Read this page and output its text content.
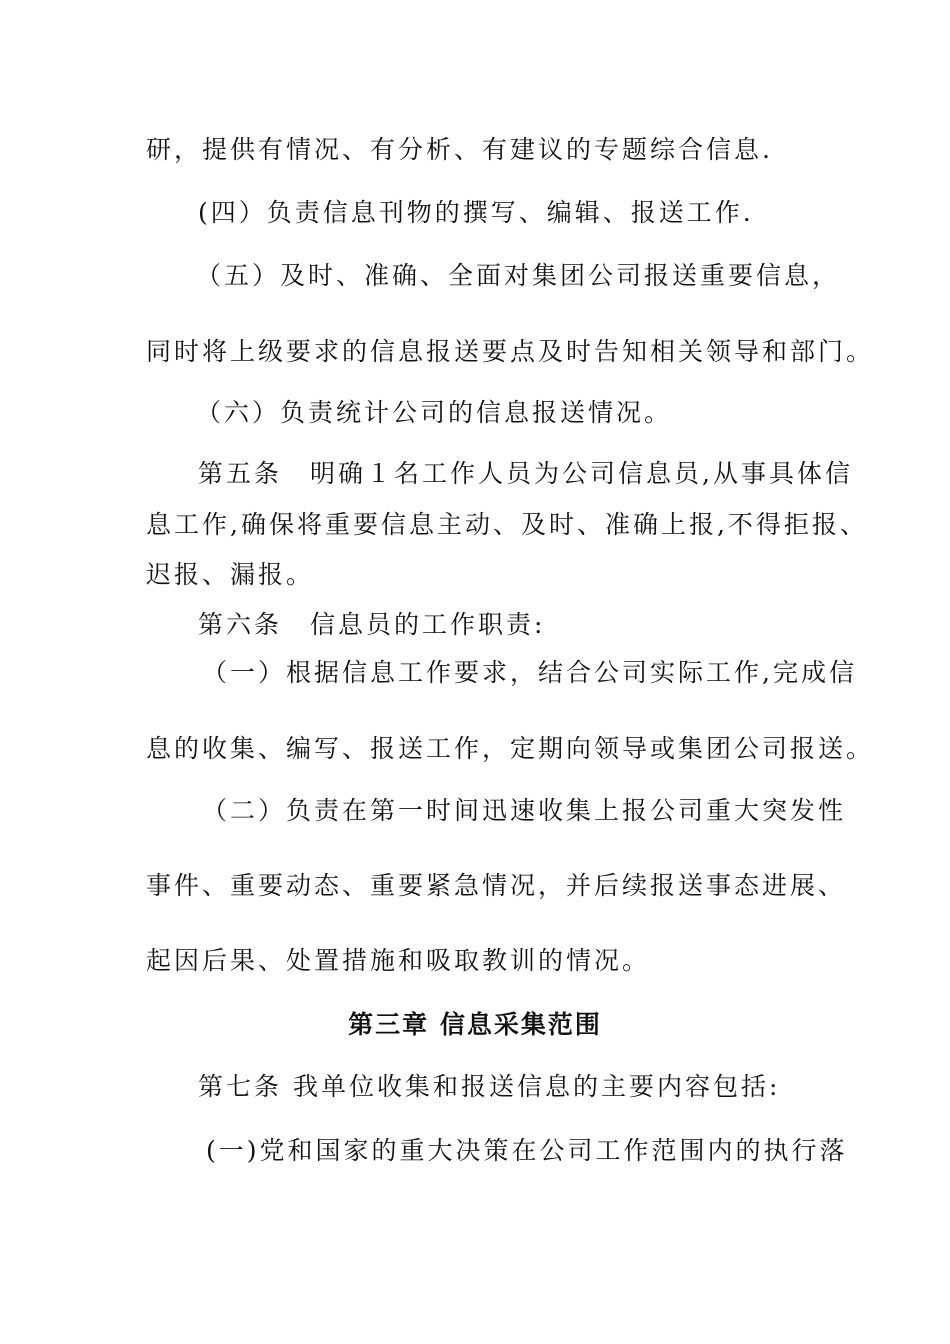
研，提供有情况、有分析、有建议的专题综合信息.
(四）负责信息刊物的撰写、编辑、报送工作.
（五）及时、准确、全面对集团公司报送重要信息，
同时将上级要求的信息报送要点及时告知相关领导和部门。
（六）负责统计公司的信息报送情况。
第五条　明确１名工作人员为公司信息员,从事具体信
息工作,确保将重要信息主动、及时、准确上报,不得拒报、
迟报、漏报。
第六条　信息员的工作职责:
（一）根据信息工作要求，结合公司实际工作,完成信
息的收集、编写、报送工作，定期向领导或集团公司报送。
（二）负责在第一时间迅速收集上报公司重大突发性
事件、重要动态、重要紧急情况，并后续报送事态进展、
起因后果、处置措施和吸取教训的情况。
第三章 信息采集范围
第七条 我单位收集和报送信息的主要内容包括:
(一)党和国家的重大决策在公司工作范围内的执行落
